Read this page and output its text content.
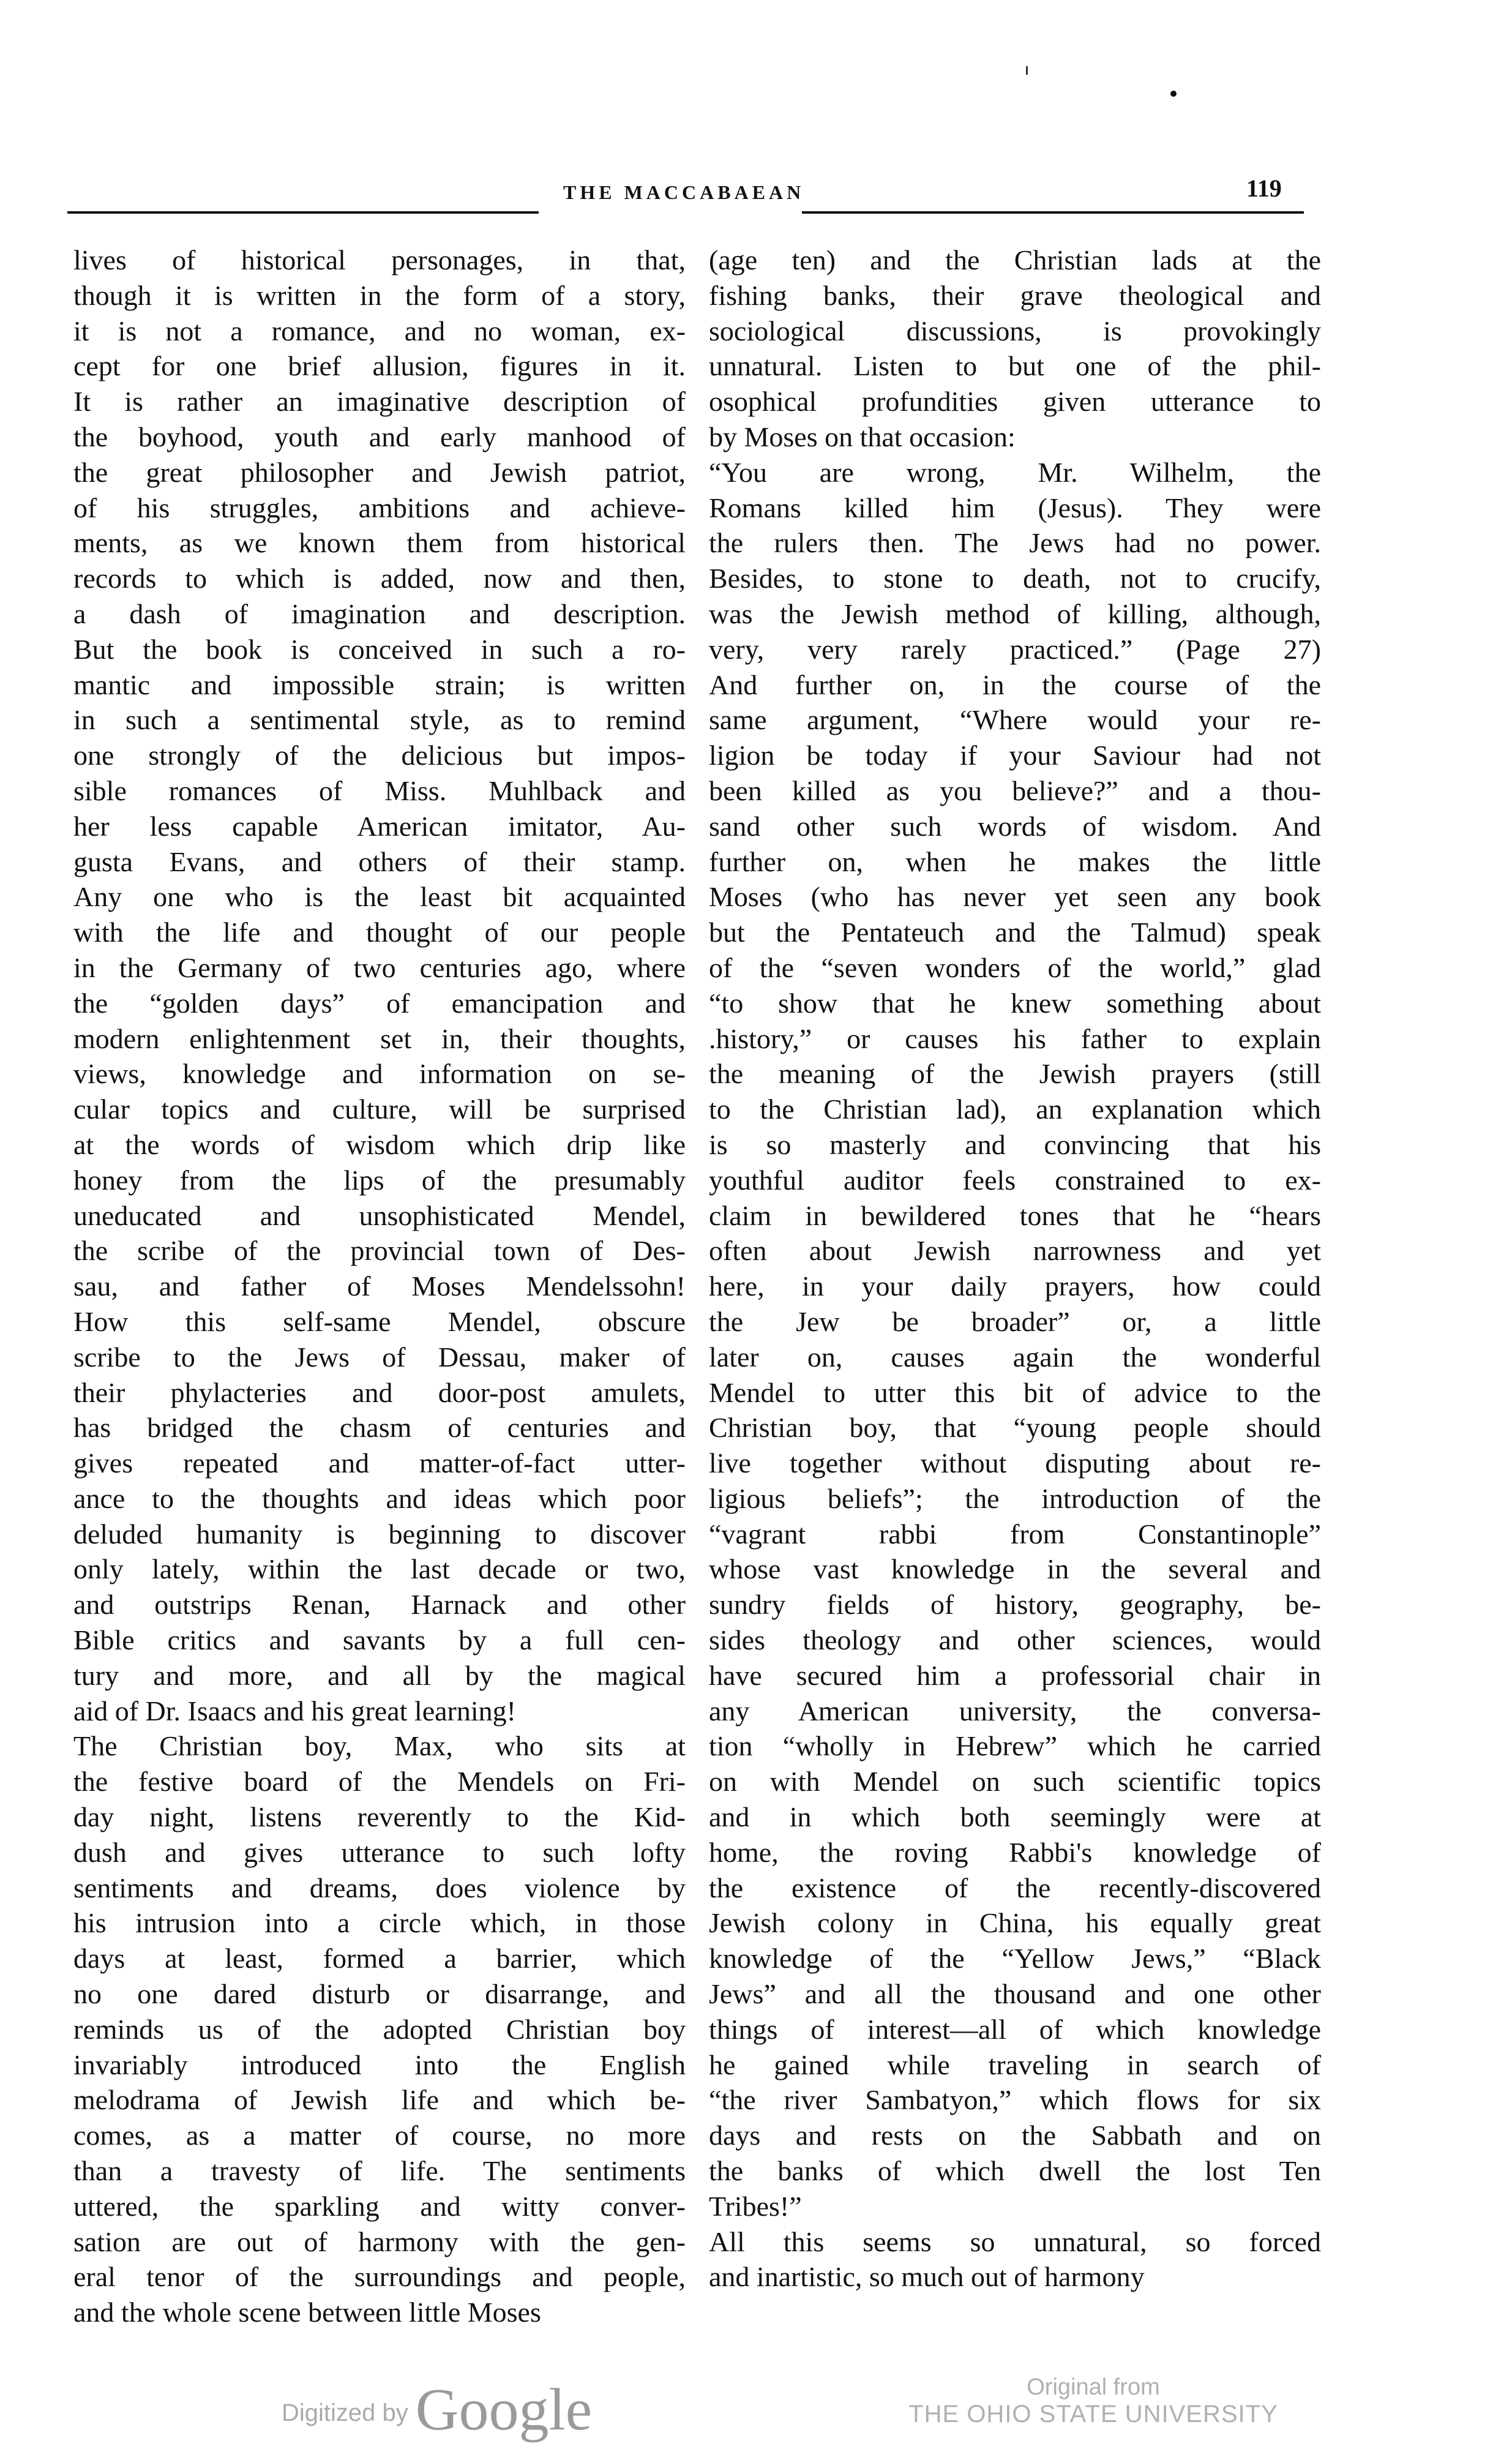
THE MACCABAEAN	119
lives of historical personages, in that,
though it is written in the form of a story,
it is not a romance, and no woman, ex-
cept for one brief allusion, figures in it.
It is rather an imaginative description of
the boyhood, youth and early manhood of
the great philosopher and Jewish patriot,
of his struggles, ambitions and achieve-
ments, as we known them from historical
records to which is added, now and then,
a dash of imagination and description.
But the book is conceived in such a ro-
mantic and impossible strain; is written
in such a sentimental style, as to remind
one strongly of the delicious but impos-
sible romances of Miss. Muhlback and
her less capable American imitator, Au-
gusta Evans, and others of their stamp.
Any one who is the least bit acquainted
with the life and thought of our people
in the Germany of two centuries ago, where
the “golden days” of emancipation and
modern enlightenment set in, their thoughts,
views, knowledge and information on se-
cular topics and culture, will be surprised
at the words of wisdom which drip like
honey from the lips of the presumably
uneducated and unsophisticated Mendel,
the scribe of the provincial town of Des-
sau, and father of Moses Mendelssohn!
How this self-same Mendel, obscure
scribe to the Jews of Dessau, maker of
their phylacteries and door-post amulets,
has bridged the chasm of centuries and
gives repeated and matter-of-fact utter-
ance to the thoughts and ideas which poor
deluded humanity is beginning to discover
only lately, within the last decade or two,
and outstrips Renan, Harnack and other
Bible critics and savants by a full cen-
tury and more, and all by the magical
aid of Dr. Isaacs and his great learning!
The Christian boy, Max, who sits at
the festive board of the Mendels on Fri-
day night, listens reverently to the Kid-
dush and gives utterance to such lofty
sentiments and dreams, does violence by
his intrusion into a circle which, in those
days at least, formed a barrier, which
no one dared disturb or disarrange, and
reminds us of the adopted Christian boy
invariably introduced into the English
melodrama of Jewish life and which be-
comes, as a matter of course, no more
than a travesty of life. The sentiments
uttered, the sparkling and witty conver-
sation are out of harmony with the gen-
eral tenor of the surroundings and people,
and the whole scene between little Moses
(age ten) and the Christian lads at the
fishing banks, their grave theological and
sociological discussions, is provokingly
unnatural. Listen to but one of the phil-
osophical profundities given utterance to
by Moses on that occasion:
“You are wrong, Mr. Wilhelm, the
Romans killed him (Jesus). They were
the rulers then. The Jews had no power.
Besides, to stone to death, not to crucify,
was the Jewish method of killing, although,
very, very rarely practiced.” (Page 27)
And further on, in the course of the
same argument, “Where would your re-
ligion be today if your Saviour had not
been killed as you believe?” and a thou-
sand other such words of wisdom. And
further on, when he makes the little
Moses (who has never yet seen any book
but the Pentateuch and the Talmud) speak
of the “seven wonders of the world,” glad
“to show that he knew something about
.history,” or causes his father to explain
the meaning of the Jewish prayers (still
to the Christian lad), an explanation which
is so masterly and convincing that his
youthful auditor feels constrained to ex-
claim in bewildered tones that he “hears
often about Jewish narrowness and yet
here, in your daily prayers, how could
the Jew be broader” or, a little
later on, causes again the wonderful
Mendel to utter this bit of advice to the
Christian boy, that “young people should
live together without disputing about re-
ligious beliefs”; the introduction of the
“vagrant rabbi from Constantinople”
whose vast knowledge in the several and
sundry fields of history, geography, be-
sides theology and other sciences, would
have secured him a professorial chair in
any American university, the conversa-
tion “wholly in Hebrew” which he carried
on with Mendel on such scientific topics
and in which both seemingly were at
home, the roving Rabbi's knowledge of
the existence of the recently-discovered
Jewish colony in China, his equally great
knowledge of the “Yellow Jews,” “Black
Jews” and all the thousand and one other
things of interest—all of which knowledge
he gained while traveling in search of
“the river Sambatyon,” which flows for six
days and rests on the Sabbath and on
the banks of which dwell the lost Ten
Tribes!”
All this seems so unnatural, so forced
and inartistic, so much out of harmony
Digitized by Google	Original from
THE OHIO STATE UNIVERSITY
